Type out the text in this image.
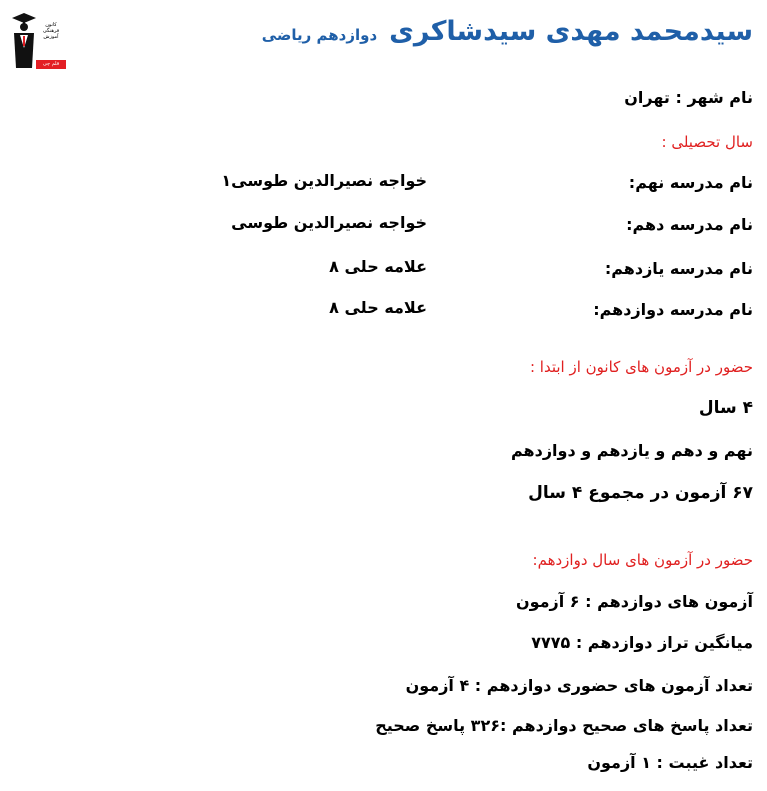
کانون
فرهنگی
آموزش
قلم چی
سیدمحمد مهدی سیدشاکری
دوازدهم ریاضی
نام شهر : تهران
سال تحصیلی :
نام مدرسه نهم:
خواجه نصیرالدین طوسی۱
نام مدرسه دهم:
خواجه نصیرالدین طوسی
نام مدرسه یازدهم:
علامه حلی ۸
نام مدرسه دوازدهم:
علامه حلی ۸
حضور در آزمون های کانون از ابتدا :
۴ سال
نهم و دهم و یازدهم و دوازدهم
۶۷ آزمون در مجموع ۴ سال
حضور در آزمون های سال دوازدهم:
آزمون های دوازدهم : ۶ آزمون
میانگین تراز دوازدهم : ۷۷۷۵
تعداد آزمون های حضوری دوازدهم : ۴ آزمون
تعداد پاسخ های صحیح دوازدهم :۳۲۶ پاسخ صحیح
تعداد غیبت : ۱ آزمون
